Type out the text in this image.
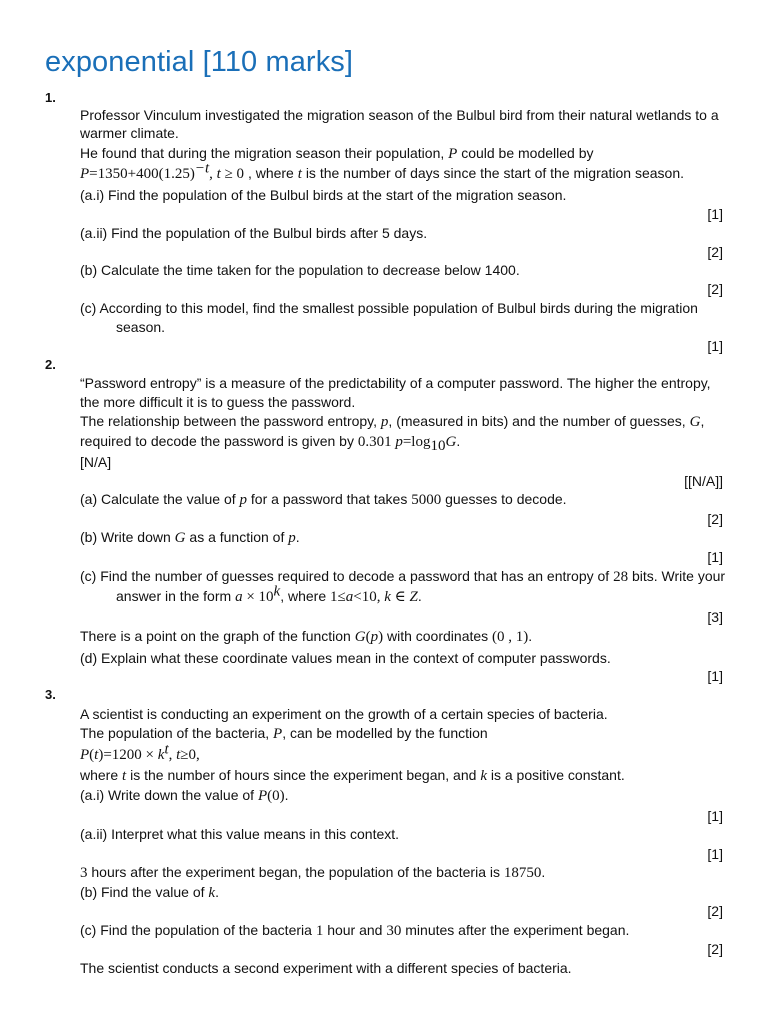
exponential [110 marks]
1.
Professor Vinculum investigated the migration season of the Bulbul bird from their natural wetlands to a
warmer climate.
He found that during the migration season their population, P could be modelled by
$P=1350+400(1.25)^{-t}$, t ≥ 0 , where t is the number of days since the start of the migration season.
(a.i) Find the population of the Bulbul birds at the start of the migration season.
[1]
(a.ii) Find the population of the Bulbul birds after 5 days.
[2]
(b) Calculate the time taken for the population to decrease below 1400.
[2]
(c) According to this model, find the smallest possible population of Bulbul birds during the migration
season.
[1]
2.
“Password entropy” is a measure of the predictability of a computer password. The higher the entropy,
the more difficult it is to guess the password.
The relationship between the password entropy, p, (measured in bits) and the number of guesses, G,
required to decode the password is given by 0.301 $p=\log_{10}G$.
[N/A]
[[N/A]]
(a) Calculate the value of p for a password that takes 5000 guesses to decode.
[2]
(b) Write down G as a function of p.
[1]
(c) Find the number of guesses required to decode a password that has an entropy of 28 bits. Write your
answer in the form $a \times 10^k$, where 1≤a<10, k ∈ Z.
[3]
There is a point on the graph of the function G(p) with coordinates (0 , 1).
(d) Explain what these coordinate values mean in the context of computer passwords.
[1]
3.
A scientist is conducting an experiment on the growth of a certain species of bacteria.
The population of the bacteria, P, can be modelled by the function
$P(t)=1200 \times k^t$, t≥0,
where t is the number of hours since the experiment began, and k is a positive constant.
(a.i) Write down the value of P(0).
[1]
(a.ii) Interpret what this value means in this context.
[1]
3 hours after the experiment began, the population of the bacteria is 18750.
(b) Find the value of k.
[2]
(c) Find the population of the bacteria 1 hour and 30 minutes after the experiment began.
[2]
The scientist conducts a second experiment with a different species of bacteria.
